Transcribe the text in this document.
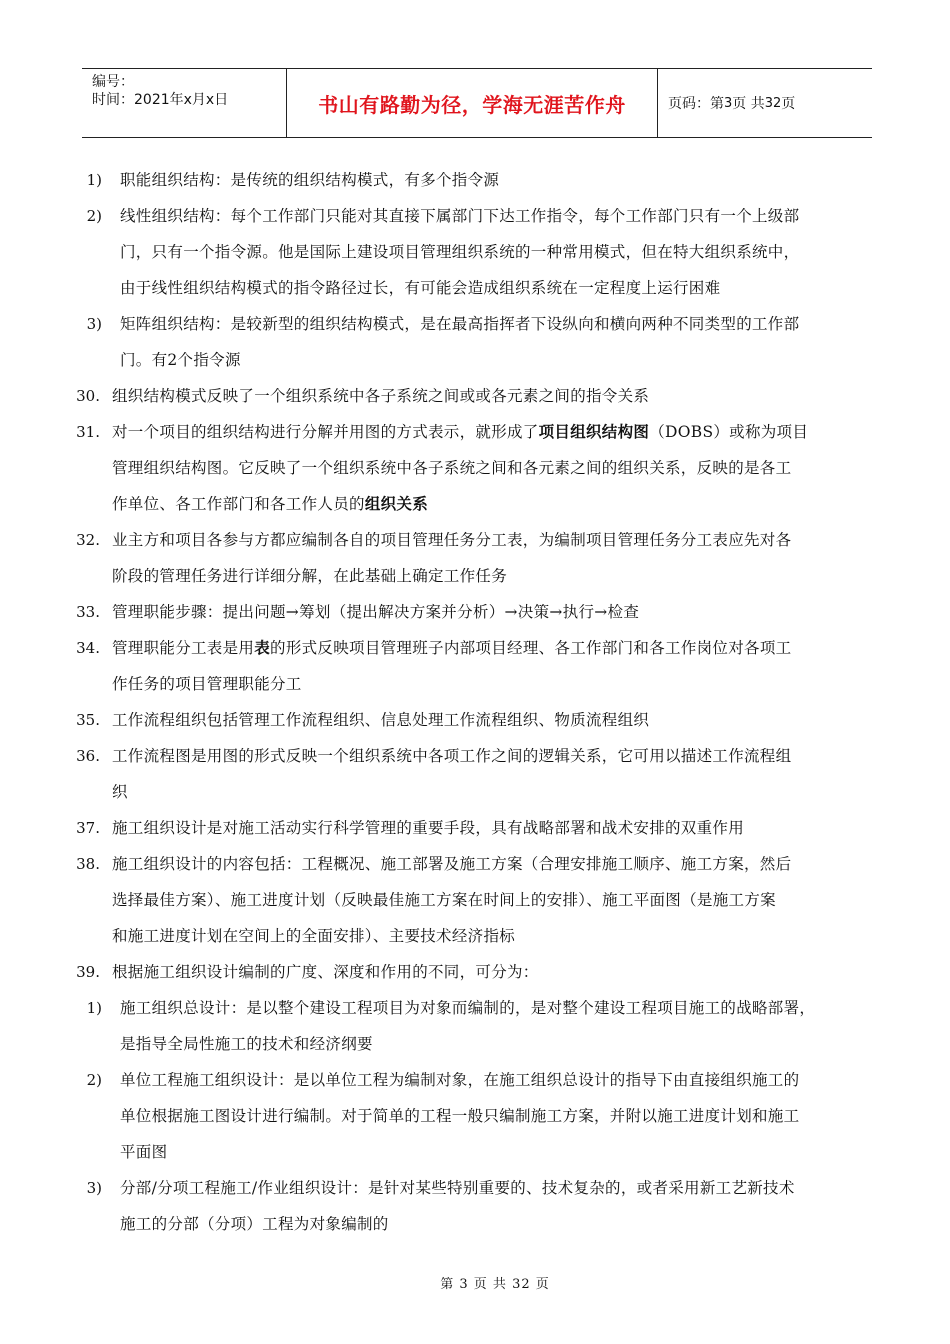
编号：
时间：2021年x月x日	书山有路勤为径，学海无涯苦作舟	页码：第 3 页 共 32 页
1) 职能组织结构：是传统的组织结构模式，有多个指令源
2) 线性组织结构：每个工作部门只能对其直接下属部门下达工作指令，每个工作部门只有一个上级部
门，只有一个指令源。他是国际上建设项目管理组织系统的一种常用模式，但在特大组织系统中，
由于线性组织结构模式的指令路径过长，有可能会造成组织系统在一定程度上运行困难
3) 矩阵组织结构：是较新型的组织结构模式，是在最高指挥者下设纵向和横向两种不同类型的工作部
门。有2个指令源
30. 组织结构模式反映了一个组织系统中各子系统之间或或各元素之间的指令关系
31. 对一个项目的组织结构进行分解并用图的方式表示，就形成了项目组织结构图（DOBS）或称为项目
管理组织结构图。它反映了一个组织系统中各子系统之间和各元素之间的组织关系，反映的是各工
作单位、各工作部门和各工作人员的组织关系
32. 业主方和项目各参与方都应编制各自的项目管理任务分工表，为编制项目管理任务分工表应先对各
阶段的管理任务进行详细分解，在此基础上确定工作任务
33. 管理职能步骤：提出问题→筹划（提出解决方案并分析）→决策→执行→检查
34. 管理职能分工表是用表的形式反映项目管理班子内部项目经理、各工作部门和各工作岗位对各项工
作任务的项目管理职能分工
35. 工作流程组织包括管理工作流程组织、信息处理工作流程组织、物质流程组织
36. 工作流程图是用图的形式反映一个组织系统中各项工作之间的逻辑关系，它可用以描述工作流程组
织
37. 施工组织设计是对施工活动实行科学管理的重要手段，具有战略部署和战术安排的双重作用
38. 施工组织设计的内容包括：工程概况、施工部署及施工方案（合理安排施工顺序、施工方案，然后
选择最佳方案）、施工进度计划（反映最佳施工方案在时间上的安排）、施工平面图（是施工方案
和施工进度计划在空间上的全面安排）、主要技术经济指标
39. 根据施工组织设计编制的广度、深度和作用的不同，可分为：
1) 施工组织总设计：是以整个建设工程项目为对象而编制的，是对整个建设工程项目施工的战略部署，
是指导全局性施工的技术和经济纲要
2) 单位工程施工组织设计：是以单位工程为编制对象，在施工组织总设计的指导下由直接组织施工的
单位根据施工图设计进行编制。对于简单的工程一般只编制施工方案，并附以施工进度计划和施工
平面图
3) 分部/分项工程施工/作业组织设计：是针对某些特别重要的、技术复杂的，或者采用新工艺新技术
施工的分部（分项）工程为对象编制的
第 3 页 共 32 页
